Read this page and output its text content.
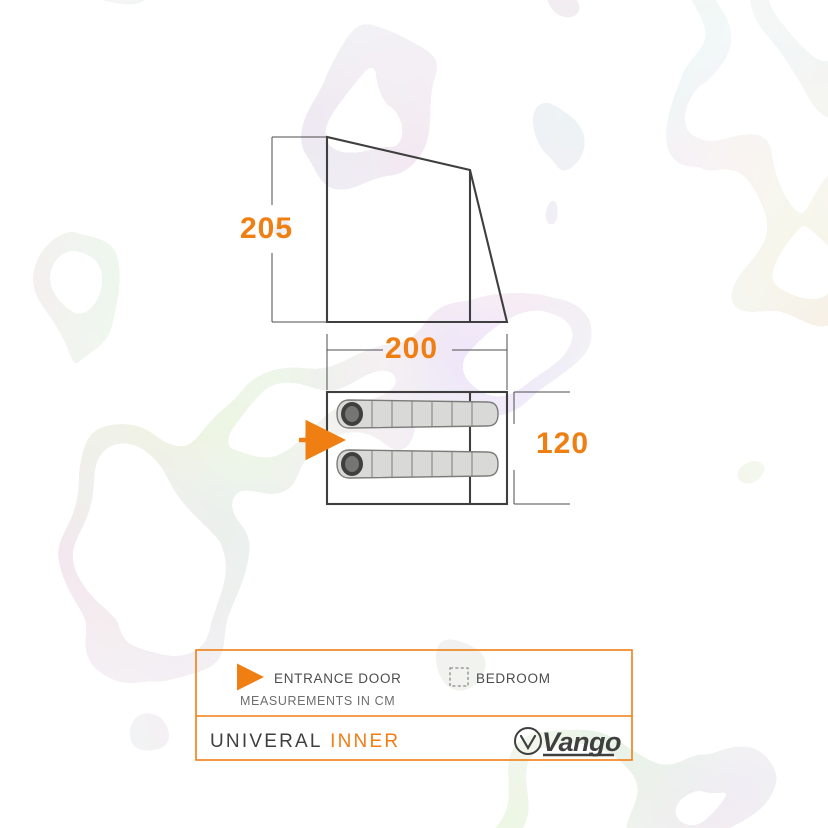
205
200
120
ENTRANCE DOOR	BEDROOM
MEASUREMENTS IN CM
UNIVERAL INNER	Vango
